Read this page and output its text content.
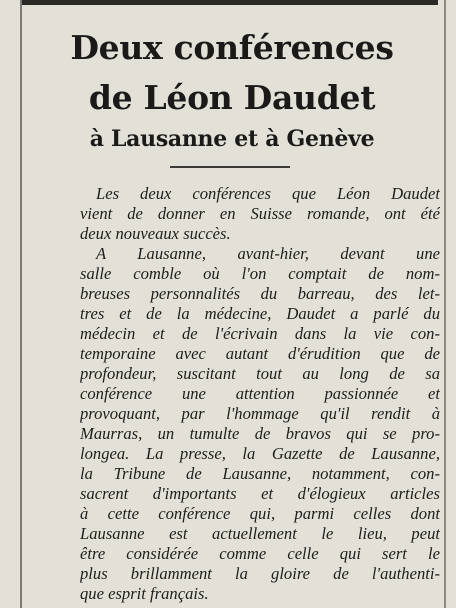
Deux conférences
de Léon Daudet
à Lausanne et à Genève
Les deux conférences que Léon Daudet
vient de donner en Suisse romande, ont été
deux nouveaux succès.
A Lausanne, avant-hier, devant une
salle comble où l'on comptait de nom-
breuses personnalités du barreau, des let-
tres et de la médecine, Daudet a parlé du
médecin et de l'écrivain dans la vie con-
temporaine avec autant d'érudition que de
profondeur, suscitant tout au long de sa
conférence une attention passionnée et
provoquant, par l'hommage qu'il rendit à
Maurras, un tumulte de bravos qui se pro-
longea. La presse, la Gazette de Lausanne,
la Tribune de Lausanne, notamment, con-
sacrent d'importants et d'élogieux articles
à cette conférence qui, parmi celles dont
Lausanne est actuellement le lieu, peut
être considérée comme celle qui sert le
plus brillamment la gloire de l'authenti-
que esprit français.
